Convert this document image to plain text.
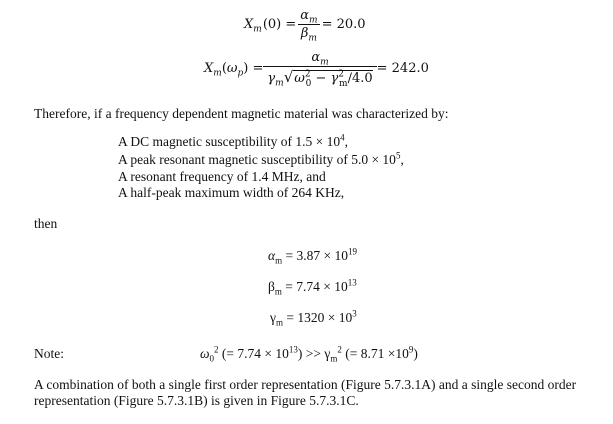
$X_m$ $(0) = \frac{\alpha_m}{\beta_m} = 20.0$
$X_m$ ( $\omega_p$ ) = $\frac{\alpha_m}{\gamma_m√\omega^2_0 - \gamma^2_m/4.0} = 242.0$
Therefore, if a frequency dependent magnetic material was characterized by:
A DC magnetic susceptibility of $1.5 \times 10^4$,
A peak resonant magnetic susceptibility of $5.0 \times 10^5$,
A resonant frequency of 1.4 MHz, and
A half-peak maximum width of 264 KHz,
then
$\alpha_m = 3.87 \times 10^{19}$
$\beta_m = 7.74 \times 10^{13}$
$\gamma_m = 1320 \times 10^3$
Note:	$\omega_0^2$ (= $7.74 \times 10^{13}) >> \gamma_m^2$ (= $8.71 \times 10^9$)
A combination of both a single first order representation (Figure 5.7.3.1A) and a single second order
representation (Figure 5.7.3.1B) is given in Figure 5.7.3.1C.
